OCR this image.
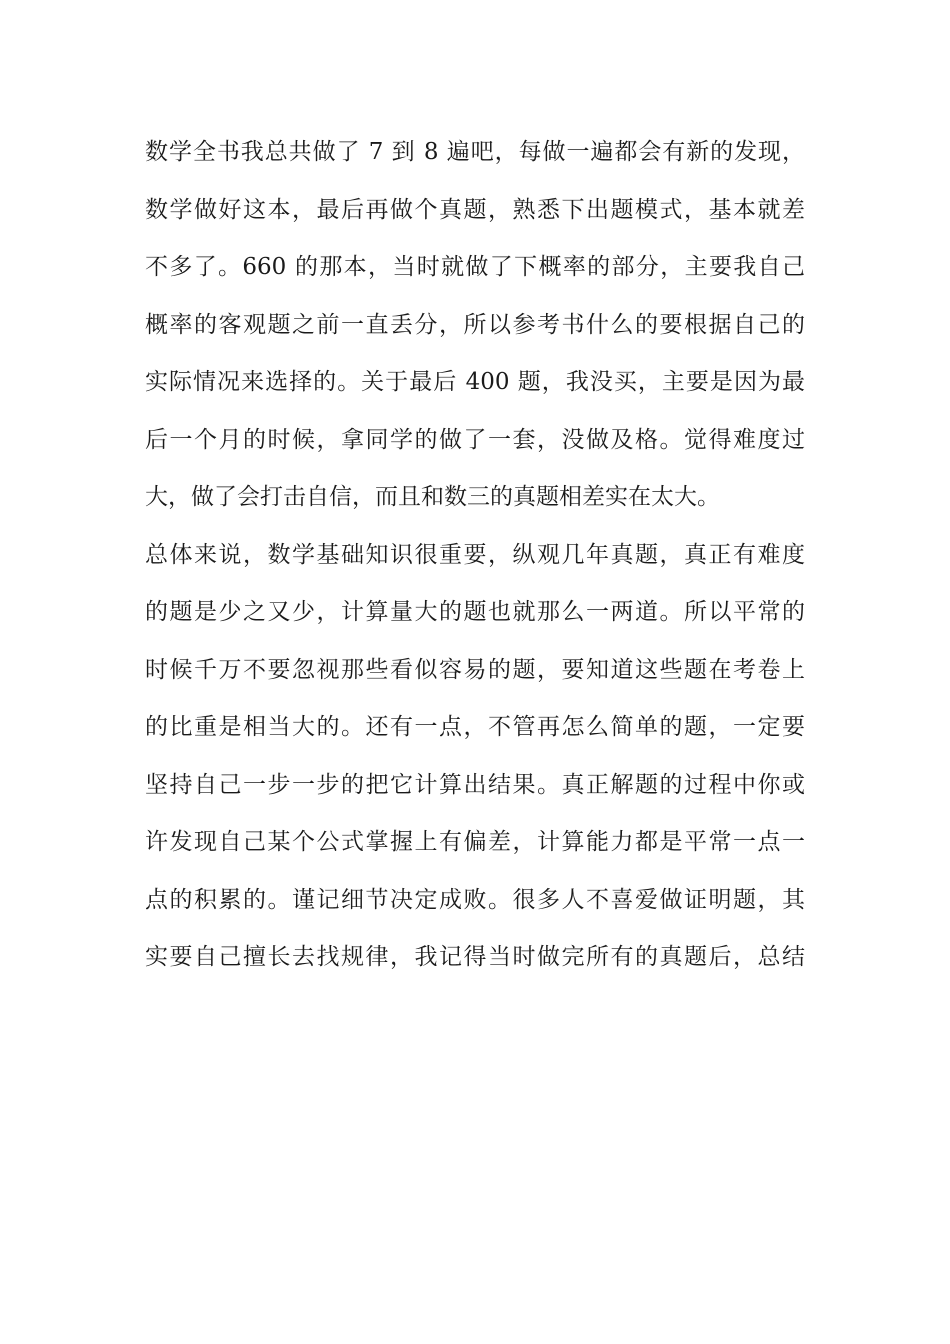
数学全书我总共做了 7 到 8 遍吧，每做一遍都会有新的发现，
数学做好这本，最后再做个真题，熟悉下出题模式，基本就差
不多了。660 的那本，当时就做了下概率的部分，主要我自己
概率的客观题之前一直丢分，所以参考书什么的要根据自己的
实际情况来选择的。关于最后 400 题，我没买，主要是因为最
后一个月的时候，拿同学的做了一套，没做及格。觉得难度过
大，做了会打击自信，而且和数三的真题相差实在太大。
总体来说，数学基础知识很重要，纵观几年真题，真正有难度
的题是少之又少，计算量大的题也就那么一两道。所以平常的
时候千万不要忽视那些看似容易的题，要知道这些题在考卷上
的比重是相当大的。还有一点，不管再怎么简单的题，一定要
坚持自己一步一步的把它计算出结果。真正解题的过程中你或
许发现自己某个公式掌握上有偏差，计算能力都是平常一点一
点的积累的。谨记细节决定成败。很多人不喜爱做证明题，其
实要自己擅长去找规律，我记得当时做完所有的真题后，总结
